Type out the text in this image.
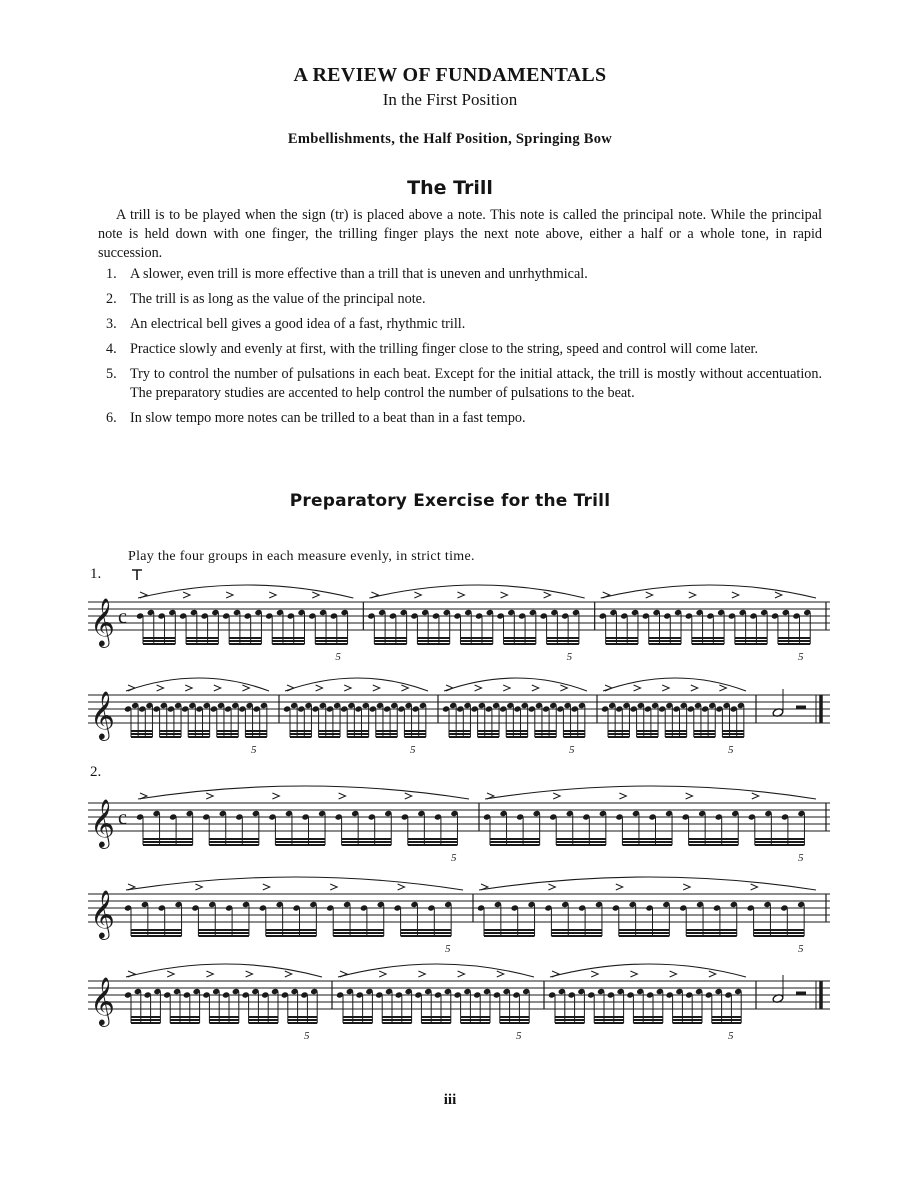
A REVIEW OF FUNDAMENTALS
In the First Position
Embellishments, the Half Position, Springing Bow
The Trill

A trill is to be played when the sign (tr) is placed above a note. This note is called the principal note. While the principal note is held down with one finger, the trilling finger plays the next note above, either a half or a whole tone, in rapid succession.

1. A slower, even trill is more effective than a trill that is uneven and unrhythmical.
2. The trill is as long as the value of the principal note.
3. An electrical bell gives a good idea of a fast, rhythmic trill.
4. Practice slowly and evenly at first, with the trilling finger close to the string, speed and control will come later.
5. Try to control the number of pulsations in each beat. Except for the initial attack, the trill is mostly without accentuation. The preparatory studies are accented to help control the number of pulsations to the beat.
6. In slow tempo more notes can be trilled to a beat than in a fast tempo.
Preparatory Exercise for the Trill
Play the four groups in each measure evenly, in strict time.
1.
2.
𝄞 c
5	5	5
𝄞
5	5	5	5
𝄞 c
5	5
𝄞
5	5
𝄞
5	5	5
iii
